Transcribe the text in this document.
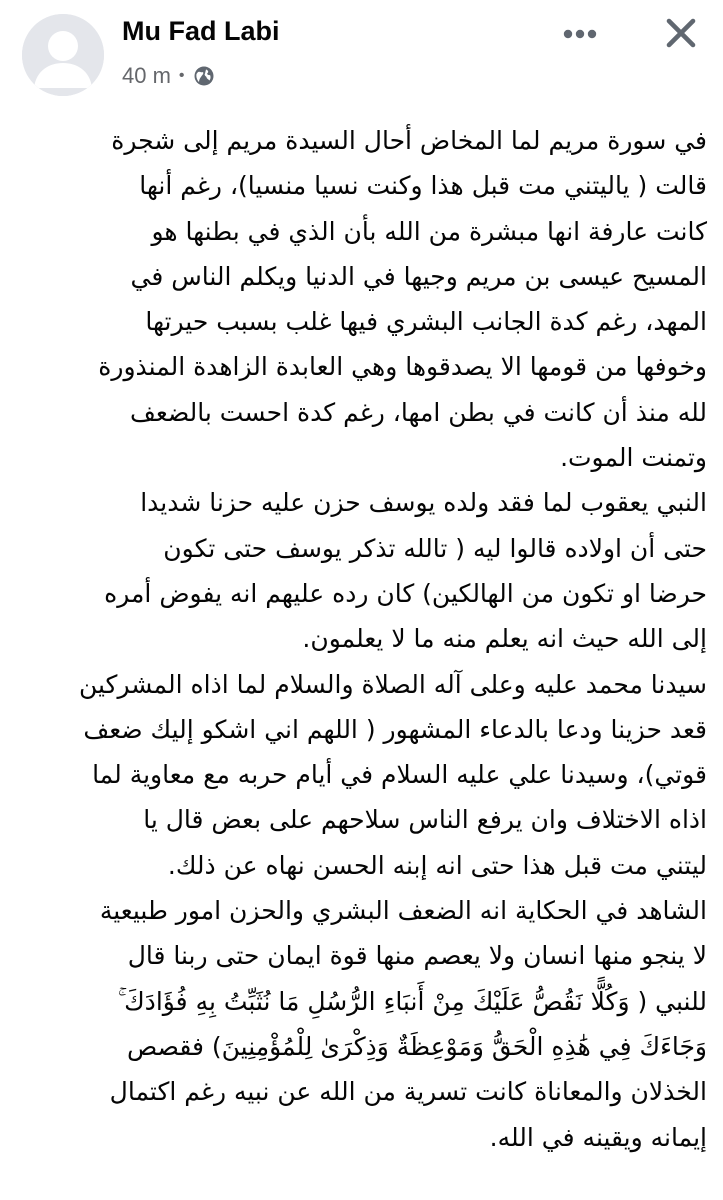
Mu Fad Labi
40 m •
في سورة مريم لما المخاض أحال السيدة مريم إلى شجرة
قالت ( ياليتني مت قبل هذا وكنت نسيا منسيا)، رغم أنها
كانت عارفة انها مبشرة من الله بأن الذي في بطنها هو
المسيح عيسى بن مريم وجيها في الدنيا ويكلم الناس في
المهد، رغم كدة الجانب البشري فيها غلب بسبب حيرتها
وخوفها من قومها الا يصدقوها وهي العابدة الزاهدة المنذورة
لله منذ أن كانت في بطن امها، رغم كدة احست بالضعف
وتمنت الموت.
النبي يعقوب لما فقد ولده يوسف حزن عليه حزنا شديدا
حتى أن اولاده قالوا ليه ( تالله تذكر يوسف حتى تكون
حرضا او تكون من الهالكين) كان رده عليهم انه يفوض أمره
إلى الله حيث انه يعلم منه ما لا يعلمون.
سيدنا محمد عليه وعلى آله الصلاة والسلام لما اذاه المشركين
قعد حزينا ودعا بالدعاء المشهور ( اللهم اني اشكو إليك ضعف
قوتي)، وسيدنا علي عليه السلام في أيام حربه مع معاوية لما
اذاه الاختلاف وان يرفع الناس سلاحهم على بعض قال يا
ليتني مت قبل هذا حتى انه إبنه الحسن نهاه عن ذلك.
الشاهد في الحكاية انه الضعف البشري والحزن امور طبيعية
لا ينجو منها انسان ولا يعصم منها قوة ايمان حتى ربنا قال
للنبي ( وَكُلًّا نَقُصُّ عَلَيْكَ مِنْ أَنبَاءِ الرُّسُلِ مَا نُثَبِّتُ بِهِ فُؤَادَكَ ۚ
وَجَاءَكَ فِي هَٰذِهِ الْحَقُّ وَمَوْعِظَةٌ وَذِكْرَىٰ لِلْمُؤْمِنِينَ) فقصص
الخذلان والمعاناة كانت تسرية من الله عن نبيه رغم اكتمال
إيمانه ويقينه في الله.
